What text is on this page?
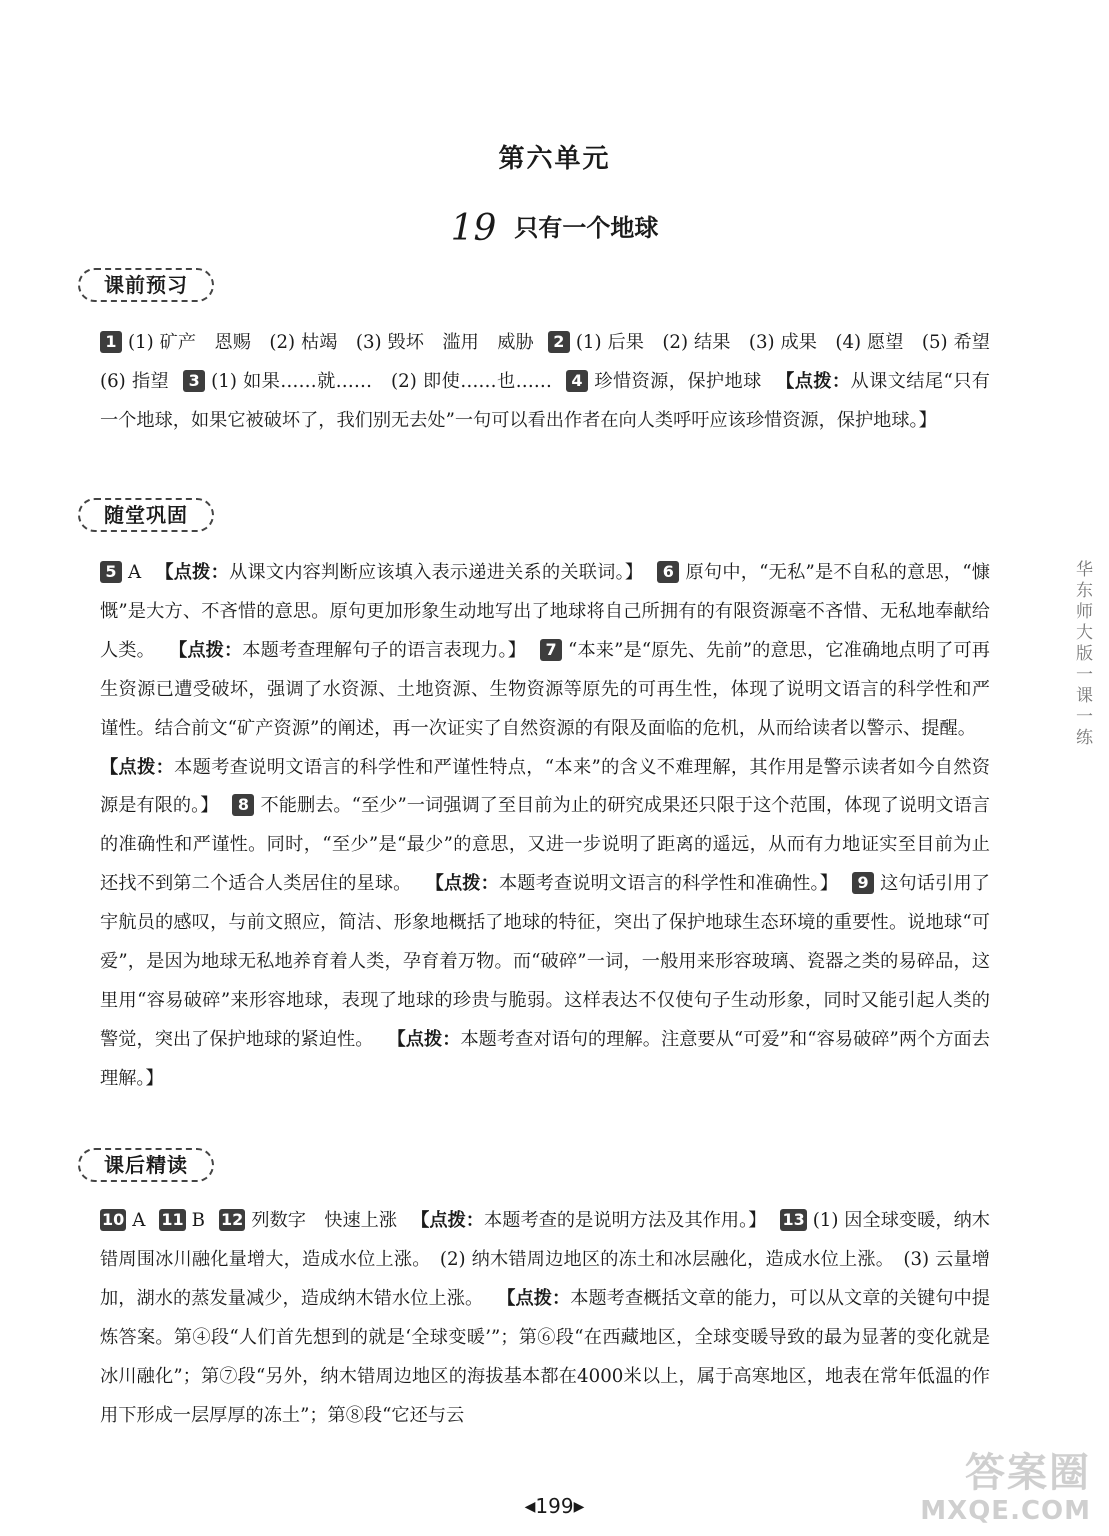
第六单元
19 只有一个地球
课前预习

1 (1) 矿产　恩赐　(2) 枯竭　(3) 毁坏　滥用　威胁 2 (1) 后果　(2) 结果　(3) 成果　(4) 愿望　(5) 希望　(6) 指望 3 (1) 如果……就……　(2) 即使……也…… 4 珍惜资源，保护地球 【点拨：从课文结尾“只有一个地球，如果它被破坏了，我们别无去处”一句可以看出作者在向人类呼吁应该珍惜资源，保护地球。】

随堂巩固

5 A 【点拨：从课文内容判断应该填入表示递进关系的关联词。】 6 原句中，“无私”是不自私的意思，“慷慨”是大方、不吝惜的意思。原句更加形象生动地写出了地球将自己所拥有的有限资源毫不吝惜、无私地奉献给人类。 【点拨：本题考查理解句子的语言表现力。】 7 “本来”是“原先、先前”的意思，它准确地点明了可再生资源已遭受破坏，强调了水资源、土地资源、生物资源等原先的可再生性，体现了说明文语言的科学性和严谨性。结合前文“矿产资源”的阐述，再一次证实了自然资源的有限及面临的危机，从而给读者以警示、提醒。【点拨：本题考查说明文语言的科学性和严谨性特点，“本来”的含义不难理解，其作用是警示读者如今自然资源是有限的。】 8 不能删去。“至少”一词强调了至目前为止的研究成果还只限于这个范围，体现了说明文语言的准确性和严谨性。同时，“至少”是“最少”的意思，又进一步说明了距离的遥远，从而有力地证实至目前为止还找不到第二个适合人类居住的星球。 【点拨：本题考查说明文语言的科学性和准确性。】 9 这句话引用了宇航员的感叹，与前文照应，简洁、形象地概括了地球的特征，突出了保护地球生态环境的重要性。说地球“可爱”，是因为地球无私地养育着人类，孕育着万物。而“破碎”一词，一般用来形容玻璃、瓷器之类的易碎品，这里用“容易破碎”来形容地球，表现了地球的珍贵与脆弱。这样表达不仅使句子生动形象，同时又能引起人类的警觉，突出了保护地球的紧迫性。 【点拨：本题考查对语句的理解。注意要从“可爱”和“容易破碎”两个方面去理解。】

课后精读

10 A 11 B 12 列数字　快速上涨 【点拨：本题考查的是说明方法及其作用。】 13 (1) 因全球变暖，纳木错周围冰川融化量增大，造成水位上涨。　(2) 纳木错周边地区的冻土和冰层融化，造成水位上涨。　(3) 云量增加，湖水的蒸发量减少，造成纳木错水位上涨。 【点拨：本题考查概括文章的能力，可以从文章的关键句中提炼答案。第④段“人们首先想到的就是‘全球变暖’”；第⑥段“在西藏地区，全球变暖导致的最为显著的变化就是冰川融化”；第⑦段“另外，纳木错周边地区的海拔基本都在4000米以上，属于高寒地区，地表在常年低温的作用下形成一层厚厚的冻土”；第⑧段“它还与云

华东师大版一课一练
◀199▶
答案圈
MXQE.COM
